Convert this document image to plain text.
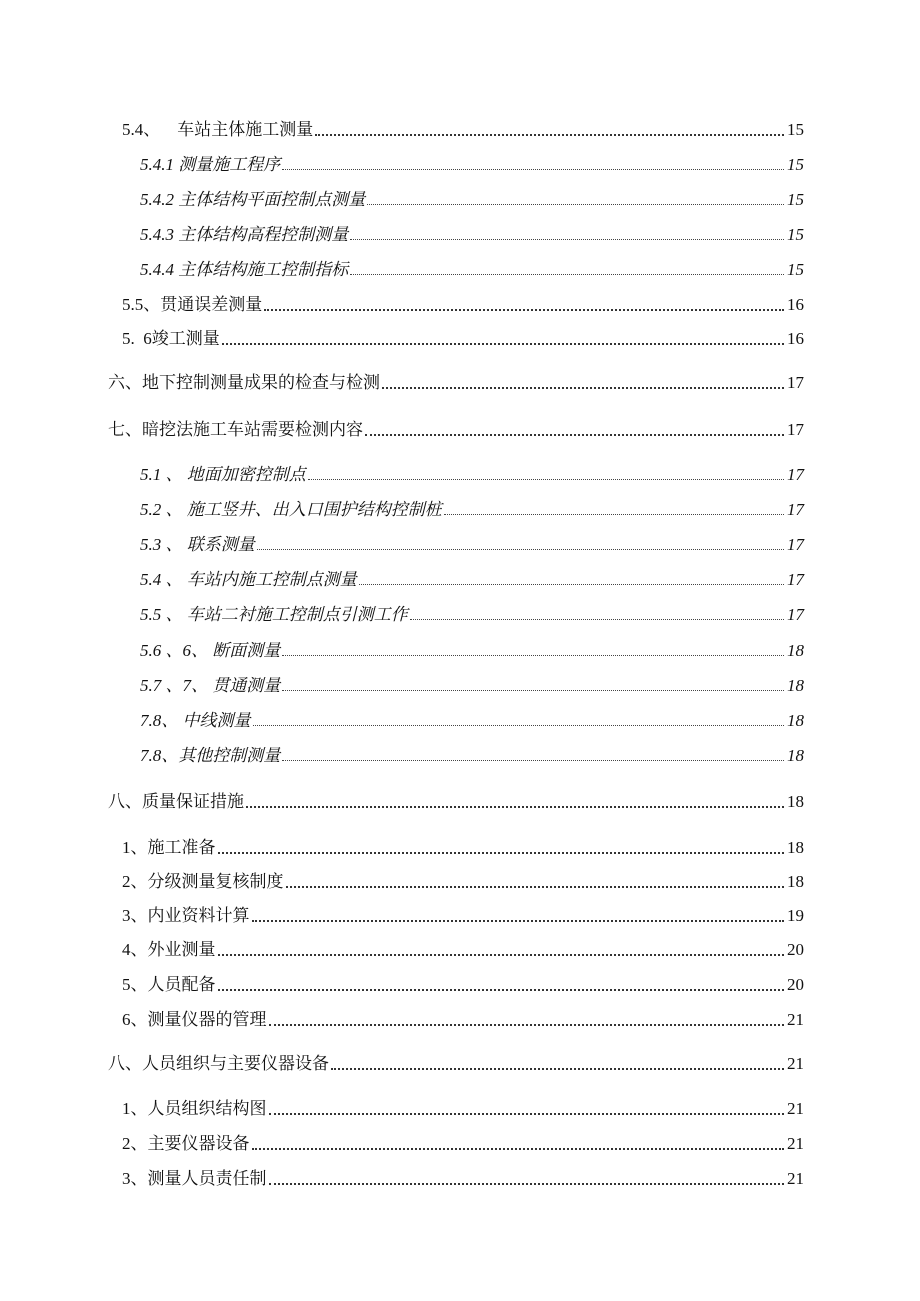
5.4、    车站主体施工测量	15
5.4.1 测量施工程序	15
5.4.2 主体结构平面控制点测量	15
5.4.3 主体结构高程控制测量	15
5.4.4 主体结构施工控制指标	15
5.5、贯通误差测量	16
5.  6竣工测量	16
六、地下控制测量成果的检查与检测	17
七、暗挖法施工车站需要检测内容	17
5.1 、 地面加密控制点	17
5.2 、 施工竖井、出入口围护结构控制桩	17
5.3 、 联系测量	17
5.4 、 车站内施工控制点测量	17
5.5 、 车站二衬施工控制点引测工作	17
5.6 、6、 断面测量	18
5.7 、7、 贯通测量	18
7.8、 中线测量	18
7.8、其他控制测量	18
八、质量保证措施	18
1、施工准备	18
2、分级测量复核制度	18
3、内业资料计算	19
4、外业测量	20
5、人员配备	20
6、测量仪器的管理	21
八、人员组织与主要仪器设备	21
1、人员组织结构图	21
2、主要仪器设备	21
3、测量人员责任制	21
